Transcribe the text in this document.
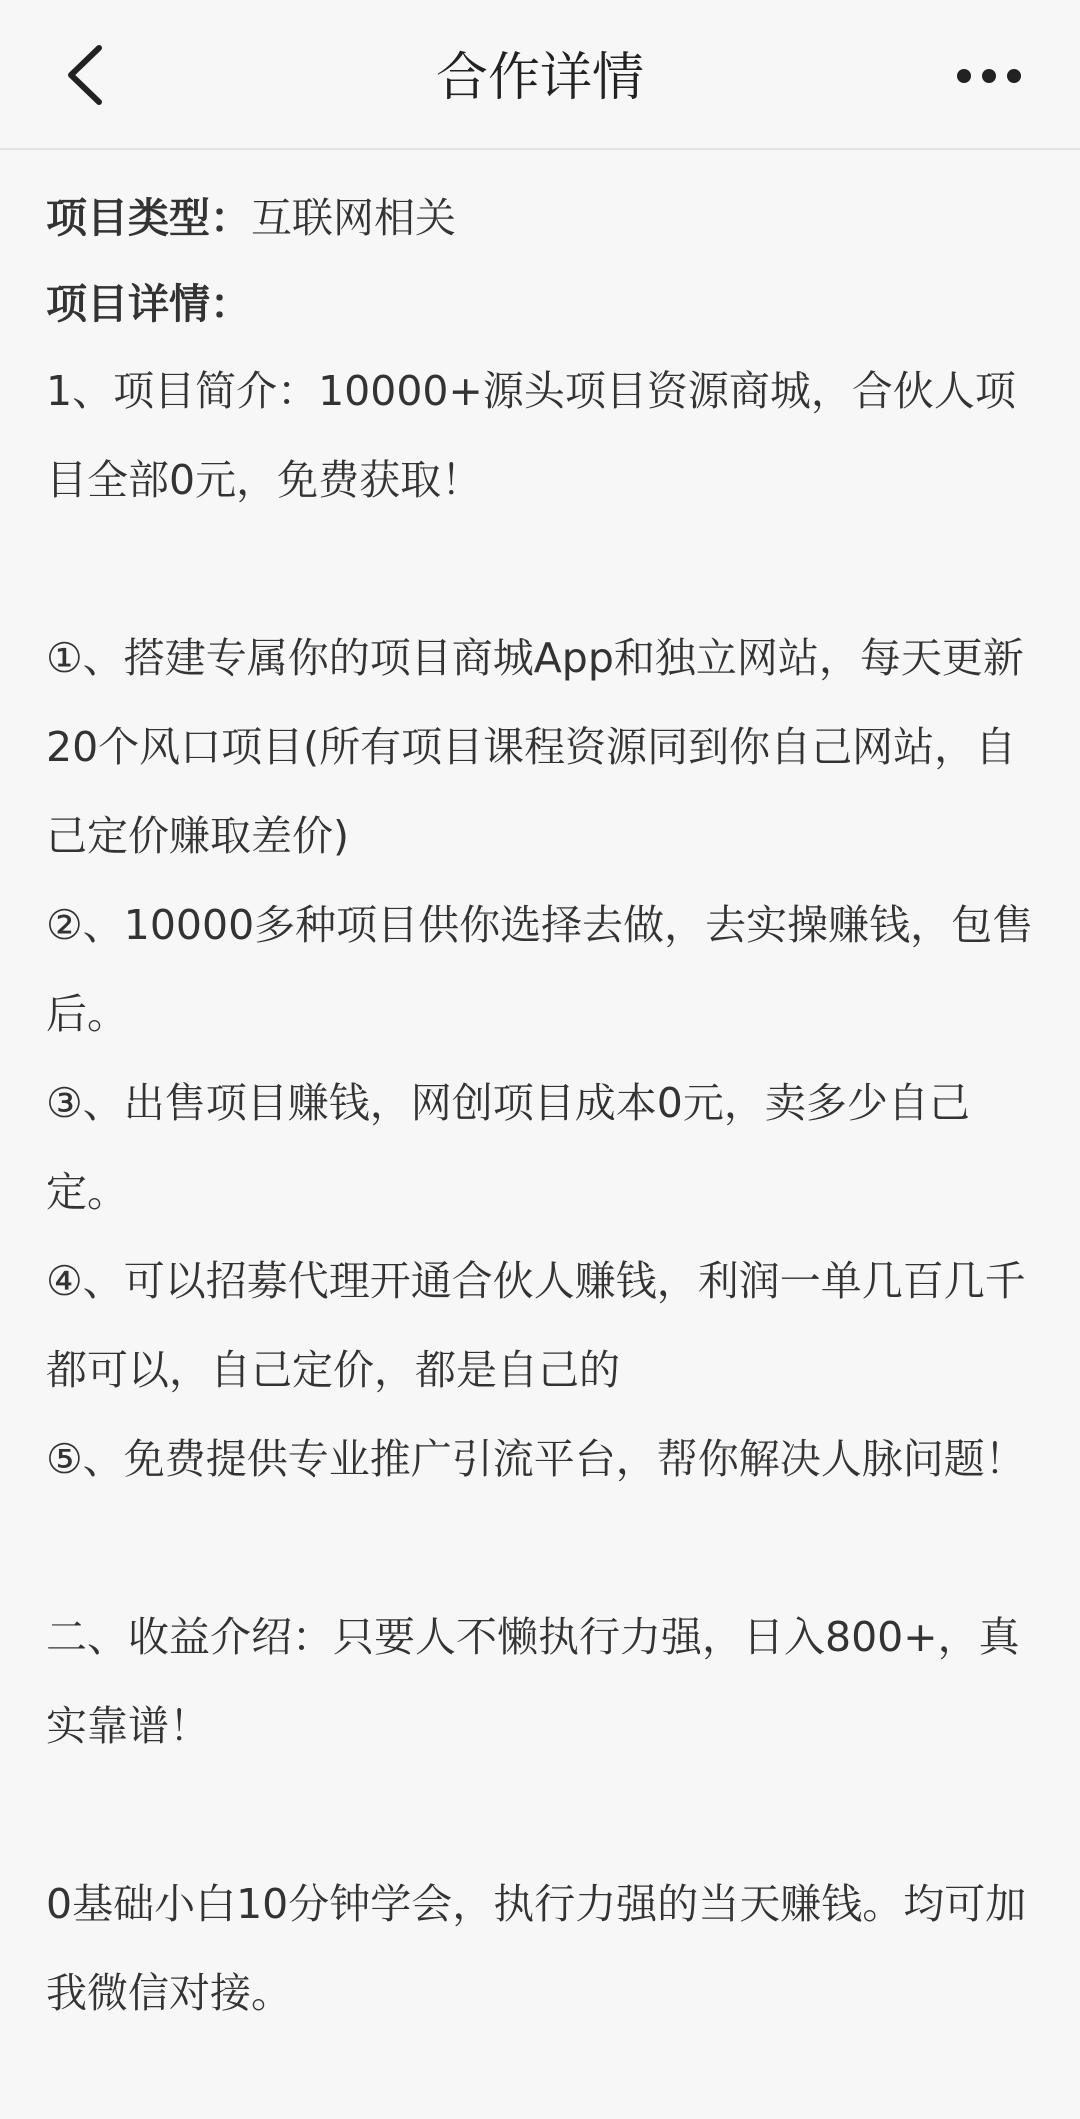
合作详情
项目类型：互联网相关
项目详情：
1、项目简介：10000+源头项目资源商城，合伙人项目全部0元，免费获取！
①、搭建专属你的项目商城App和独立网站，每天更新20个风口项目(所有项目课程资源同到你自己网站，自己定价赚取差价)
②、10000多种项目供你选择去做，去实操赚钱，包售后。
③、出售项目赚钱，网创项目成本0元，卖多少自己定。
④、可以招募代理开通合伙人赚钱，利润一单几百几千都可以，自己定价，都是自己的
⑤、免费提供专业推广引流平台，帮你解决人脉问题！
二、收益介绍：只要人不懒执行力强，日入800+，真实靠谱！
0基础小白10分钟学会，执行力强的当天赚钱。均可加我微信对接。
